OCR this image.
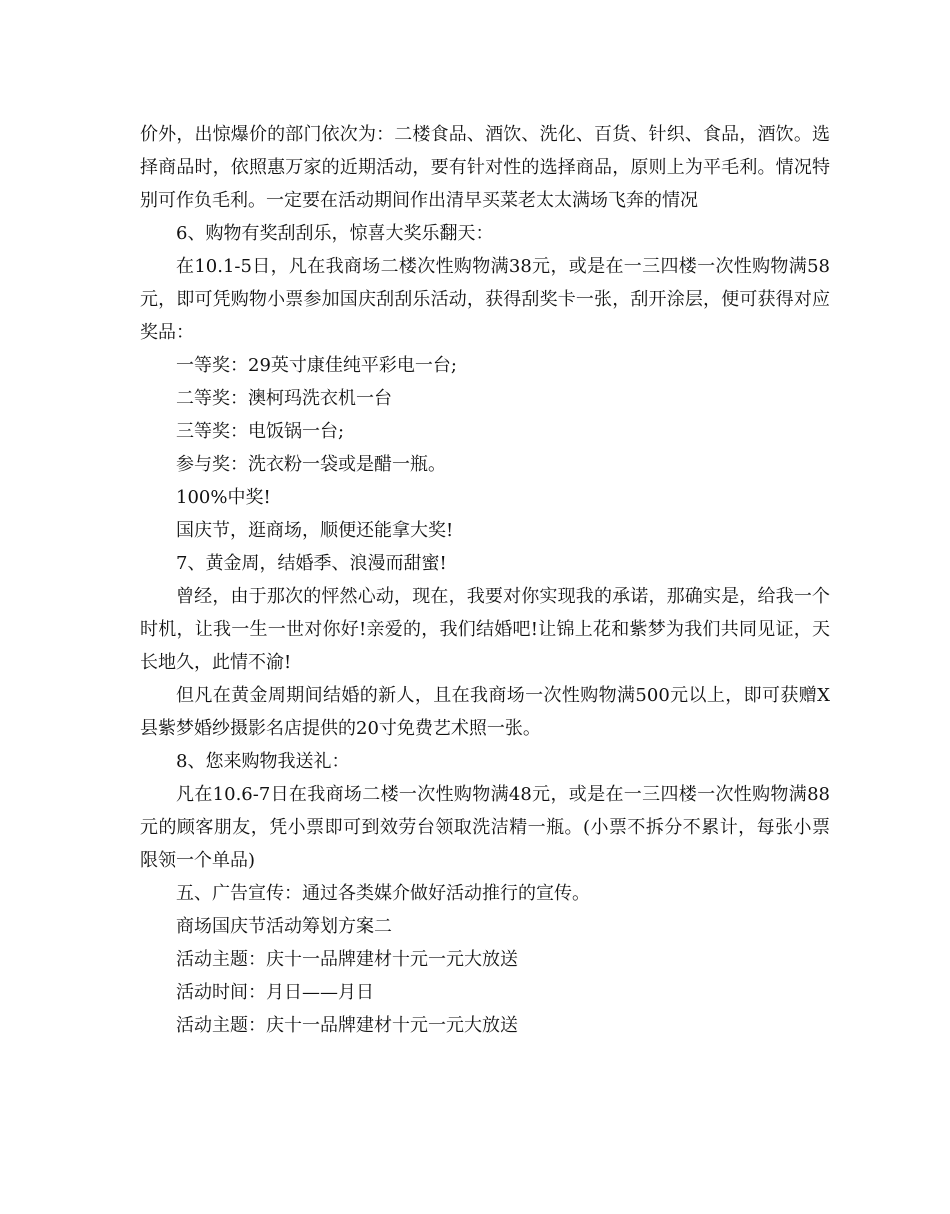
价外，出惊爆价的部门依次为：二楼食品、酒饮、洗化、百货、针织、食品，酒饮。选择商品时，依照惠万家的近期活动，要有针对性的选择商品，原则上为平毛利。情况特别可作负毛利。一定要在活动期间作出清早买菜老太太满场飞奔的情况

6、购物有奖刮刮乐，惊喜大奖乐翻天：

在10.1-5日，凡在我商场二楼次性购物满38元，或是在一三四楼一次性购物满58元，即可凭购物小票参加国庆刮刮乐活动，获得刮奖卡一张，刮开涂层，便可获得对应奖品：

一等奖：29英寸康佳纯平彩电一台;

二等奖：澳柯玛洗衣机一台

三等奖：电饭锅一台;

参与奖：洗衣粉一袋或是醋一瓶。

100%中奖!

国庆节，逛商场，顺便还能拿大奖!

7、黄金周，结婚季、浪漫而甜蜜!

曾经，由于那次的怦然心动，现在，我要对你实现我的承诺，那确实是，给我一个时机，让我一生一世对你好!亲爱的，我们结婚吧!让锦上花和紫梦为我们共同见证，天长地久，此情不渝!

但凡在黄金周期间结婚的新人，且在我商场一次性购物满500元以上，即可获赠X县紫梦婚纱摄影名店提供的20寸免费艺术照一张。

8、您来购物我送礼：

凡在10.6-7日在我商场二楼一次性购物满48元，或是在一三四楼一次性购物满88元的顾客朋友，凭小票即可到效劳台领取洗洁精一瓶。(小票不拆分不累计，每张小票限领一个单品)

五、广告宣传：通过各类媒介做好活动推行的宣传。

商场国庆节活动筹划方案二

活动主题：庆十一品牌建材十元一元大放送

活动时间：月日——月日

活动主题：庆十一品牌建材十元一元大放送
